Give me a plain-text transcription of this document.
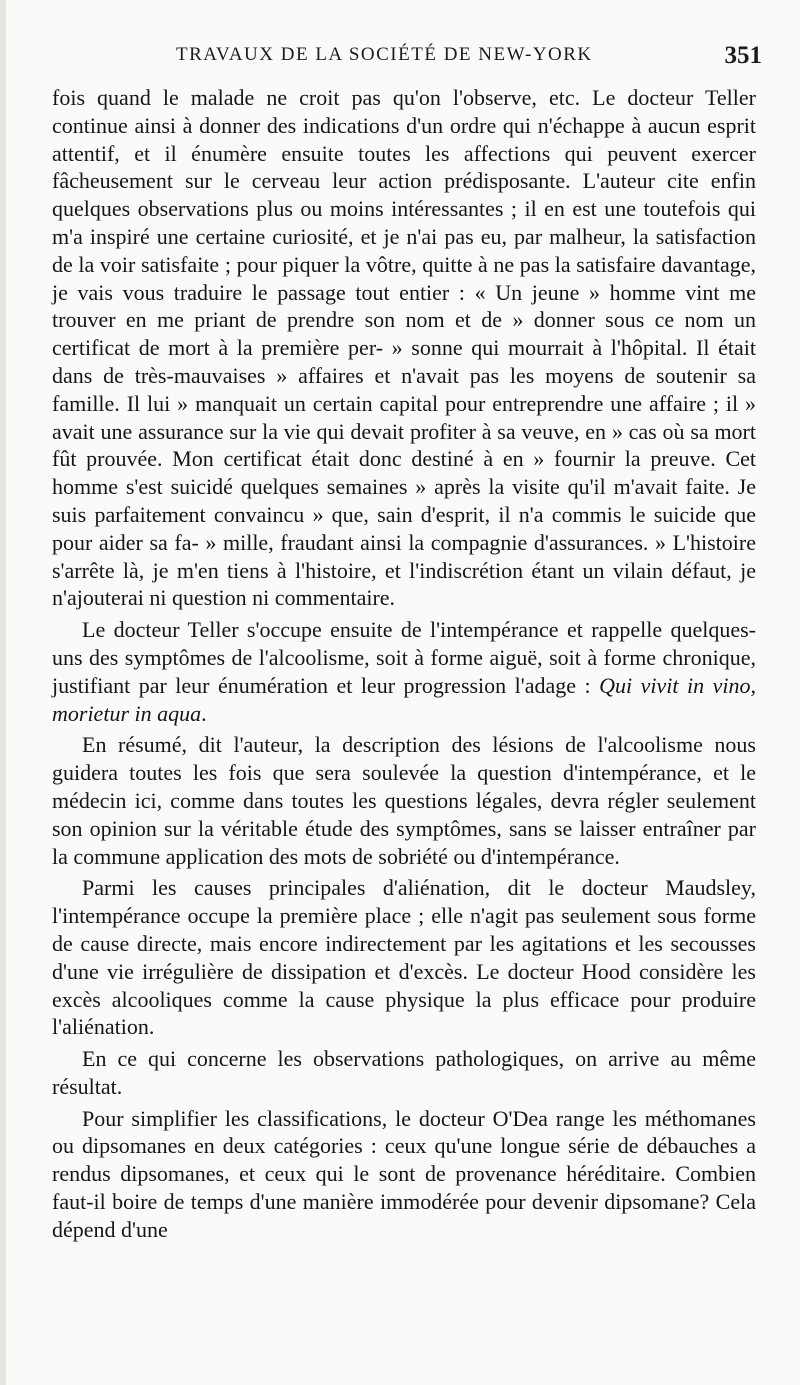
TRAVAUX DE LA SOCIÉTÉ DE NEW-YORK	351

fois quand le malade ne croit pas qu'on l'observe, etc. Le docteur Teller continue ainsi à donner des indications d'un ordre qui n'échappe à aucun esprit attentif, et il énumère ensuite toutes les affections qui peuvent exercer fâcheusement sur le cerveau leur action prédisposante. L'auteur cite enfin quelques observations plus ou moins intéressantes ; il en est une toutefois qui m'a inspiré une certaine curiosité, et je n'ai pas eu, par malheur, la satisfaction de la voir satisfaite ; pour piquer la vôtre, quitte à ne pas la satisfaire davantage, je vais vous traduire le passage tout entier : « Un jeune » homme vint me trouver en me priant de prendre son nom et de » donner sous ce nom un certificat de mort à la première per- » sonne qui mourrait à l'hôpital. Il était dans de très-mauvaises » affaires et n'avait pas les moyens de soutenir sa famille. Il lui » manquait un certain capital pour entreprendre une affaire ; il » avait une assurance sur la vie qui devait profiter à sa veuve, en » cas où sa mort fût prouvée. Mon certificat était donc destiné à en » fournir la preuve. Cet homme s'est suicidé quelques semaines » après la visite qu'il m'avait faite. Je suis parfaitement convaincu » que, sain d'esprit, il n'a commis le suicide que pour aider sa fa- » mille, fraudant ainsi la compagnie d'assurances. » L'histoire s'arrête là, je m'en tiens à l'histoire, et l'indiscrétion étant un vilain défaut, je n'ajouterai ni question ni commentaire.

Le docteur Teller s'occupe ensuite de l'intempérance et rappelle quelques-uns des symptômes de l'alcoolisme, soit à forme aiguë, soit à forme chronique, justifiant par leur énumération et leur progression l'adage : Qui vivit in vino, morietur in aqua.

En résumé, dit l'auteur, la description des lésions de l'alcoolisme nous guidera toutes les fois que sera soulevée la question d'intempérance, et le médecin ici, comme dans toutes les questions légales, devra régler seulement son opinion sur la véritable étude des symptômes, sans se laisser entraîner par la commune application des mots de sobriété ou d'intempérance.

Parmi les causes principales d'aliénation, dit le docteur Maudsley, l'intempérance occupe la première place ; elle n'agit pas seulement sous forme de cause directe, mais encore indirectement par les agitations et les secousses d'une vie irrégulière de dissipation et d'excès. Le docteur Hood considère les excès alcooliques comme la cause physique la plus efficace pour produire l'aliénation.

En ce qui concerne les observations pathologiques, on arrive au même résultat.

Pour simplifier les classifications, le docteur O'Dea range les méthomanes ou dipsomanes en deux catégories : ceux qu'une longue série de débauches a rendus dipsomanes, et ceux qui le sont de provenance héréditaire. Combien faut-il boire de temps d'une manière immodérée pour devenir dipsomane? Cela dépend d'une
